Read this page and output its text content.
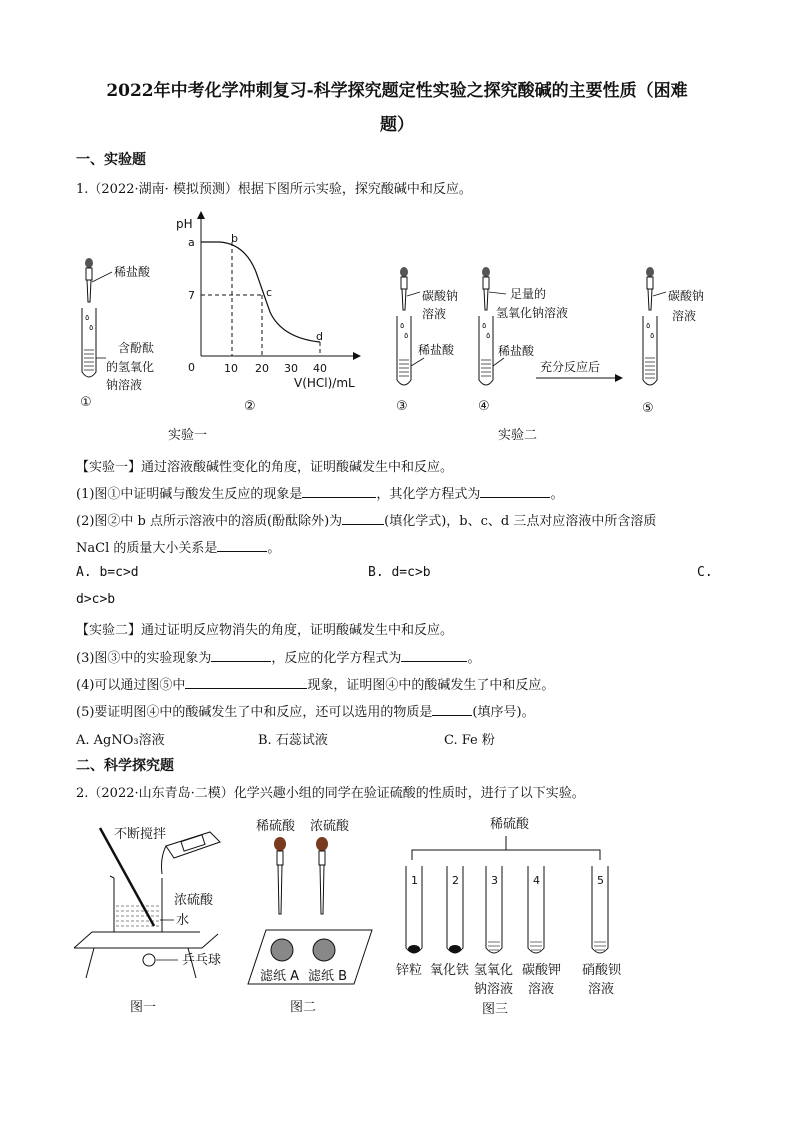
2022年中考化学冲刺复习-科学探究题定性实验之探究酸碱的主要性质（困难
题）
一、实验题
1.（2022·湖南· 模拟预测）根据下图所示实验，探究酸碱中和反应。
稀盐酸
٥
٥
含酚酞
的氢氧化
钠溶液
①
pH
a
7
0
b
c
d
10 20 30 40
V(HCl)/mL
②
碳酸钠
溶液
٥
٥
稀盐酸
③
足量的
氢氧化钠溶液
٥
٥
稀盐酸
④
充分反应后
碳酸钠
溶液
٥
٥
⑤
实验一	实验二
【实验一】通过溶液酸碱性变化的角度，证明酸碱发生中和反应。
(1)图①中证明碱与酸发生反应的现象是	，其化学方程式为	。
(2)图②中 b 点所示溶液中的溶质(酚酞除外)为	(填化学式)，b、c、d 三点对应溶液中所含溶质
NaCl 的质量大小关系是	。
A. b=c>d	B. d=c>b	C.
d>c>b
【实验二】通过证明反应物消失的角度，证明酸碱发生中和反应。
(3)图③中的实验现象为	，反应的化学方程式为	。
(4)可以通过图⑤中	现象，证明图④中的酸碱发生了中和反应。
(5)要证明图④中的酸碱发生了中和反应，还可以选用的物质是	(填序号)。
A. AgNO₃溶液	B. 石蕊试液	C. Fe 粉
二、科学探究题
2.（2022·山东青岛·二模）化学兴趣小组的同学在验证硫酸的性质时，进行了以下实验。
不断搅拌
浓硫酸
水
乒乓球
图一
稀硫酸 浓硫酸
滤纸 A 滤纸 B
图二
稀硫酸
1	2	3	4	5
锌粒 氧化铁 氢氧化
钠溶液
碳酸钾
溶液
硝酸钡
溶液
图三
